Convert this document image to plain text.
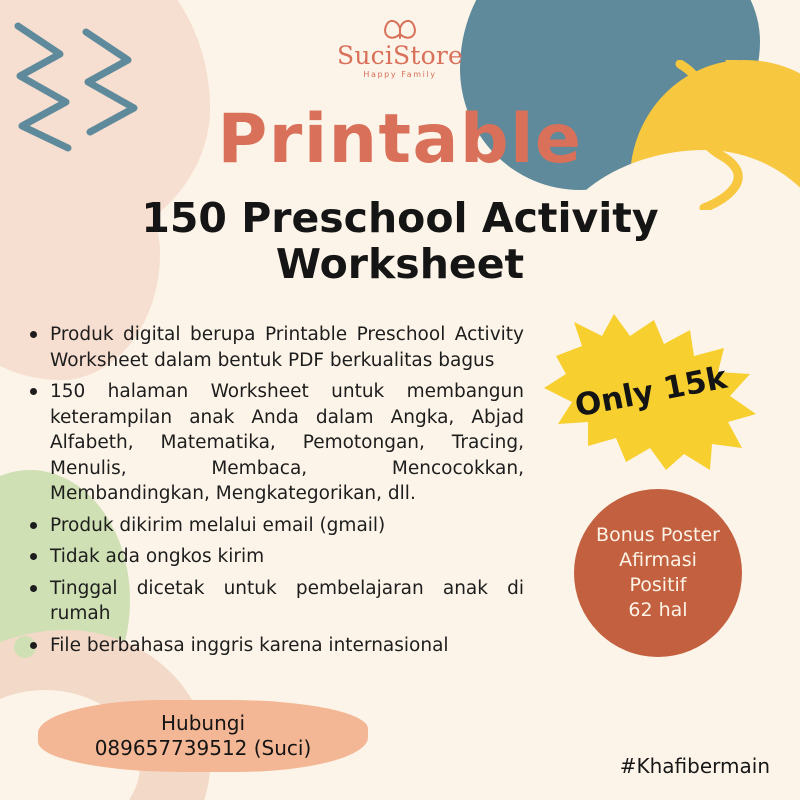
SuciStore
Happy Family
Printable
150 Preschool Activity Worksheet
Produk digital berupa Printable Preschool Activity Worksheet dalam bentuk PDF berkualitas bagus
150 halaman Worksheet untuk membangun keterampilan anak Anda dalam Angka, Abjad Alfabeth, Matematika, Pemotongan, Tracing, Menulis, Membaca, Mencocokkan, Membandingkan, Mengkategorikan, dll.
Produk dikirim melalui email (gmail)
Tidak ada ongkos kirim
Tinggal dicetak untuk pembelajaran anak di rumah
File berbahasa inggris karena internasional
Only 15k
Bonus Poster
Afirmasi
Positif
62 hal
Hubungi
089657739512 (Suci)
#Khafibermain
